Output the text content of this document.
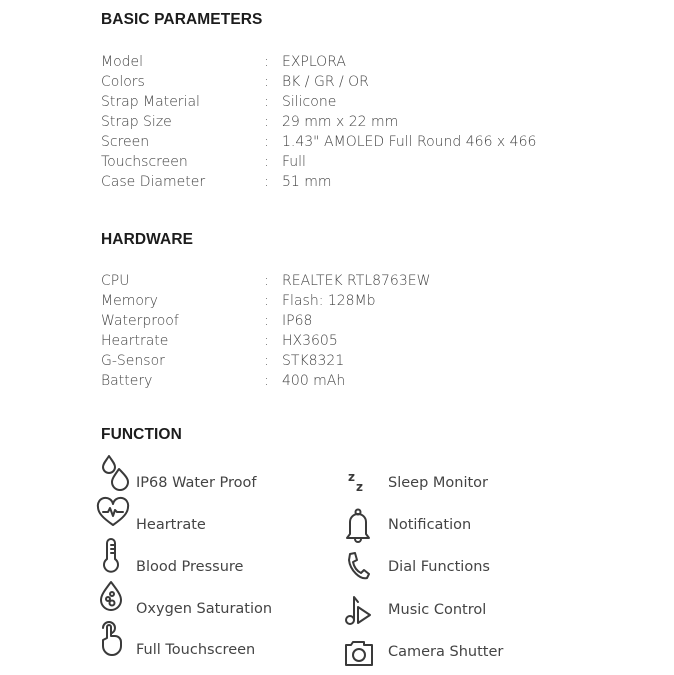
BASIC PARAMETERS
Model	: EXPLORA
Colors	: BK / GR / OR
Strap Material	: Silicone
Strap Size	: 29 mm x 22 mm
Screen	: 1.43" AMOLED Full Round 466 x 466
Touchscreen	: Full
Case Diameter	: 51 mm
HARDWARE
CPU	: REALTEK RTL8763EW
Memory	: Flash: 128Mb
Waterproof	: IP68
Heartrate	: HX3605
G-Sensor	: STK8321
Battery	: 400 mAh
FUNCTION
IP68 Water Proof
Heartrate
Blood Pressure
Oxygen Saturation
Full Touchscreen
z
z Sleep Monitor
Notification
Dial Functions
Music Control
Camera Shutter
